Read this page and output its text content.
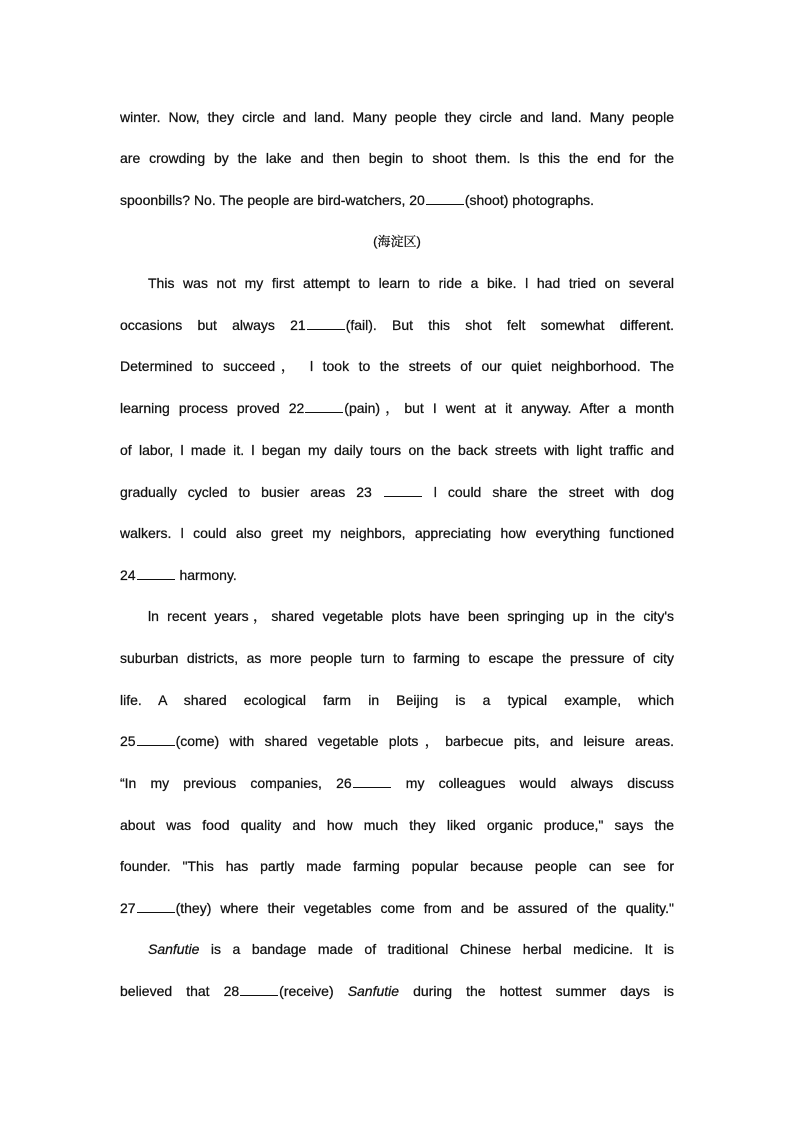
winter. Now, they circle and land. Many people they circle and land. Many people
are crowding by the lake and then begin to shoot them. ls this the end for the
spoonbills? No. The people are bird-watchers, 20	(shoot) photographs.
(海淀区)
This was not my first attempt to learn to ride a bike. l had tried on several
occasions but always 21	(fail). But this shot felt somewhat different.
Determined to succeed， l took to the streets of our quiet neighborhood. The
learning process proved 22	(pain)，but I went at it anyway. After a month
of labor, l made it. l began my daily tours on the back streets with light traffic and
gradually cycled to busier areas 23	l could share the street with dog
walkers. l could also greet my neighbors, appreciating how everything functioned
24	harmony.
ln recent years，shared vegetable plots have been springing up in the city's
suburban districts, as more people turn to farming to escape the pressure of city
life. A shared ecological farm in Beijing is a typical example, which
25	(come) with shared vegetable plots，barbecue pits, and leisure areas.
“In my previous companies, 26	my colleagues would always discuss
about was food quality and how much they liked organic produce," says the
founder. "This has partly made farming popular because people can see for
27	(they) where their vegetables come from and be assured of the quality."
Sanfutie is a bandage made of traditional Chinese herbal medicine. It is
believed that 28	(receive) Sanfutie during the hottest summer days is
